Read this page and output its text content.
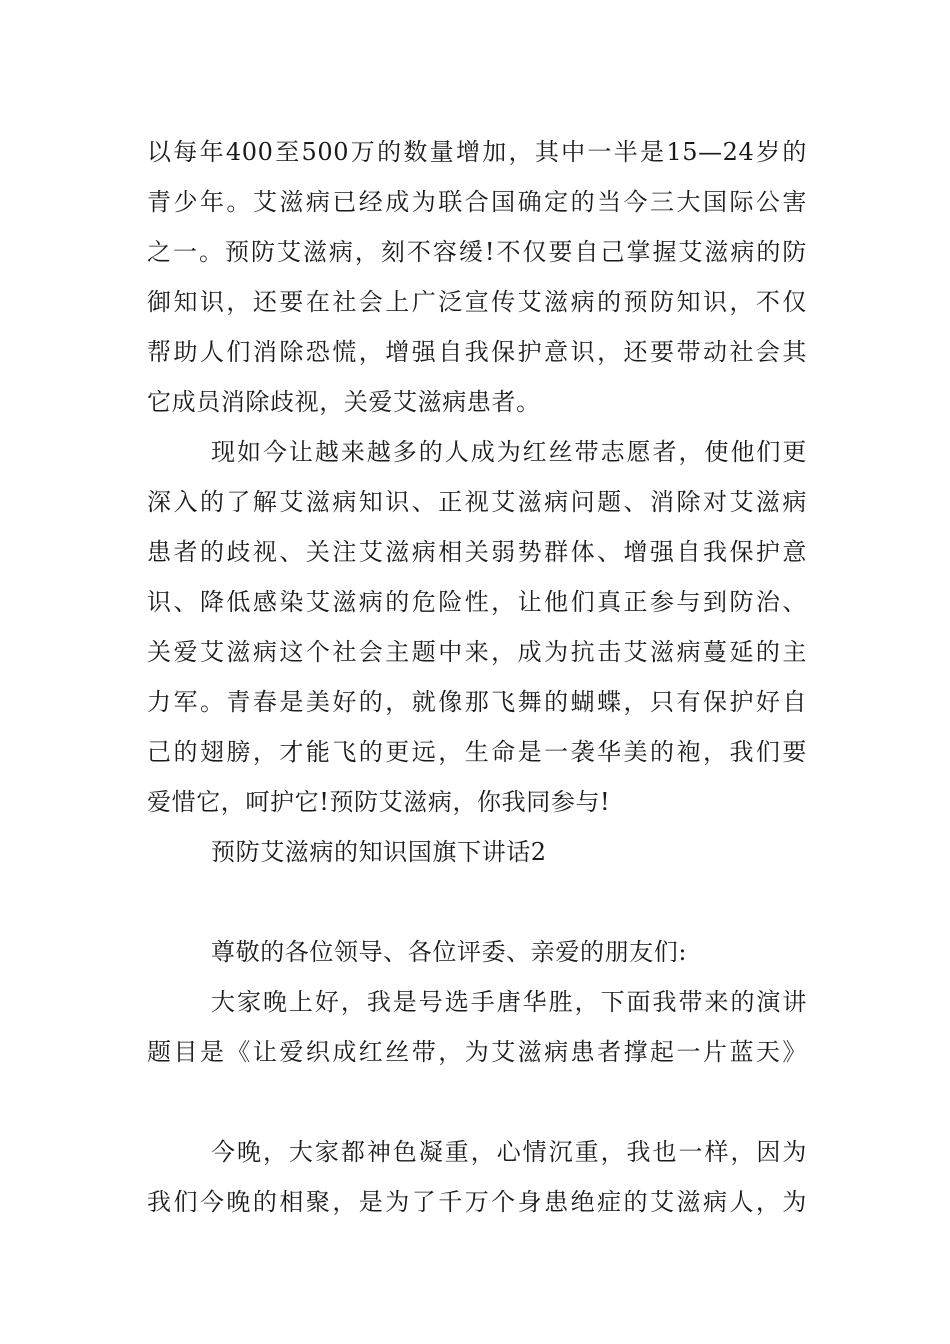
以每年400至500万的数量增加，其中一半是15—24岁的
青少年。艾滋病已经成为联合国确定的当今三大国际公害
之一。预防艾滋病，刻不容缓!不仅要自己掌握艾滋病的防
御知识，还要在社会上广泛宣传艾滋病的预防知识，不仅
帮助人们消除恐慌，增强自我保护意识，还要带动社会其
它成员消除歧视，关爱艾滋病患者。
现如今让越来越多的人成为红丝带志愿者，使他们更
深入的了解艾滋病知识、正视艾滋病问题、消除对艾滋病
患者的歧视、关注艾滋病相关弱势群体、增强自我保护意
识、降低感染艾滋病的危险性，让他们真正参与到防治、
关爱艾滋病这个社会主题中来，成为抗击艾滋病蔓延的主
力军。青春是美好的，就像那飞舞的蝴蝶，只有保护好自
己的翅膀，才能飞的更远，生命是一袭华美的袍，我们要
爱惜它，呵护它!预防艾滋病，你我同参与!
预防艾滋病的知识国旗下讲话2
尊敬的各位领导、各位评委、亲爱的朋友们:
大家晚上好，我是号选手唐华胜，下面我带来的演讲
题目是《让爱织成红丝带，为艾滋病患者撑起一片蓝天》
今晚，大家都神色凝重，心情沉重，我也一样，因为
我们今晚的相聚，是为了千万个身患绝症的艾滋病人，为
